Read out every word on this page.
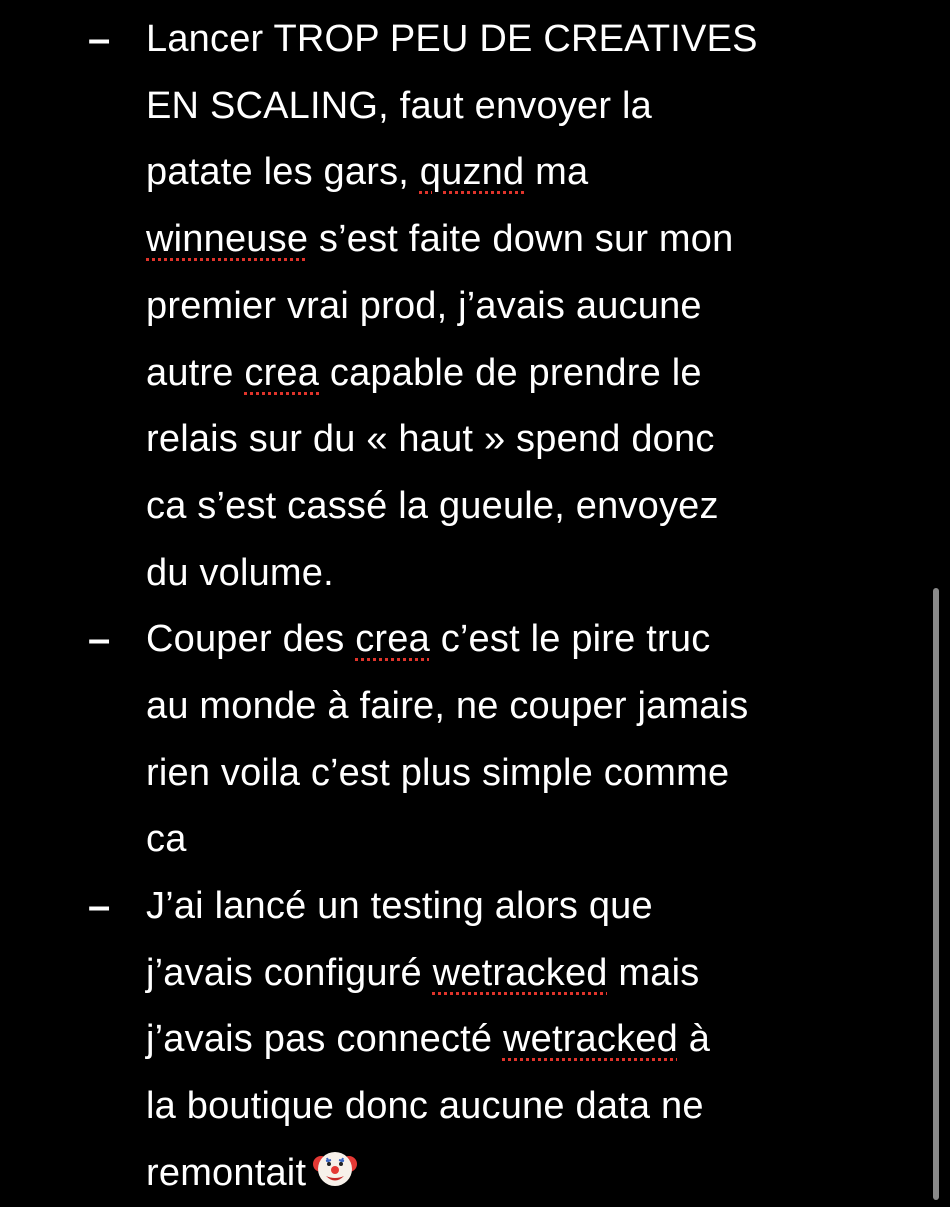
– Lancer TROP PEU DE CREATIVES
EN SCALING, faut envoyer la
patate les gars, quznd ma
winneuse s’est faite down sur mon
premier vrai prod, j’avais aucune
autre crea capable de prendre le
relais sur du « haut » spend donc
ca s’est cassé la gueule, envoyez
du volume.
– Couper des crea c’est le pire truc
au monde à faire, ne couper jamais
rien voila c’est plus simple comme
ca
– J’ai lancé un testing alors que
j’avais configuré wetracked mais
j’avais pas connecté wetracked à
la boutique donc aucune data ne
remontait
